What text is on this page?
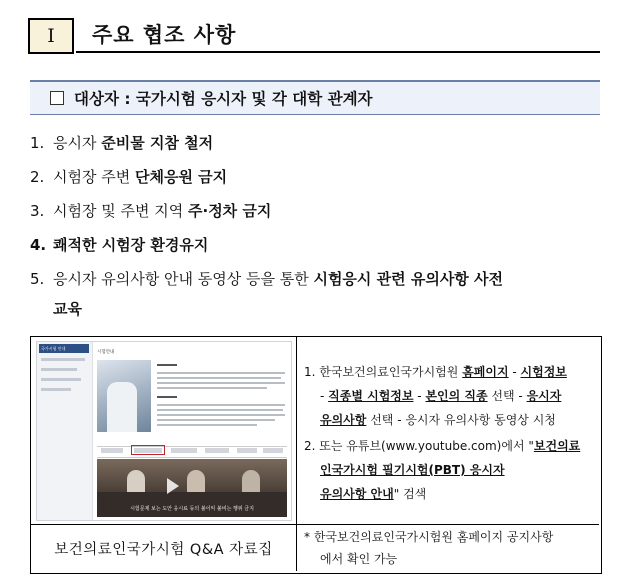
Ⅰ 주요 협조 사항
대상자 : 국가시험 응시자 및 각 대학 관계자
1. 응시자 준비물 지참 철저
2. 시험장 주변 단체응원 금지
3. 시험장 및 주변 지역 주·정차 금지
4. 쾌적한 시험장 환경유지
5. 응시자 유의사항 안내 동영상 등을 통한 시험응시 관련 유의사항 사전
교육
국가시험 안내
시험안내
시험문제 보는 도안 응시료 등의 불이익 불비는 행위 금지
1. 한국보건의료인국가시험원 홈페이지 - 시험정보
- 직종별 시험정보 - 본인의 직종 선택 - 응시자
유의사항 선택 - 응시자 유의사항 동영상 시청
2. 또는 유튜브(www.youtube.com)에서 "보건의료
인국가시험 필기시험(PBT) 응시자
유의사항 안내" 검색
보건의료인국가시험 Q&A 자료집
* 한국보건의료인국가시험원 홈페이지 공지사항
에서 확인 가능
